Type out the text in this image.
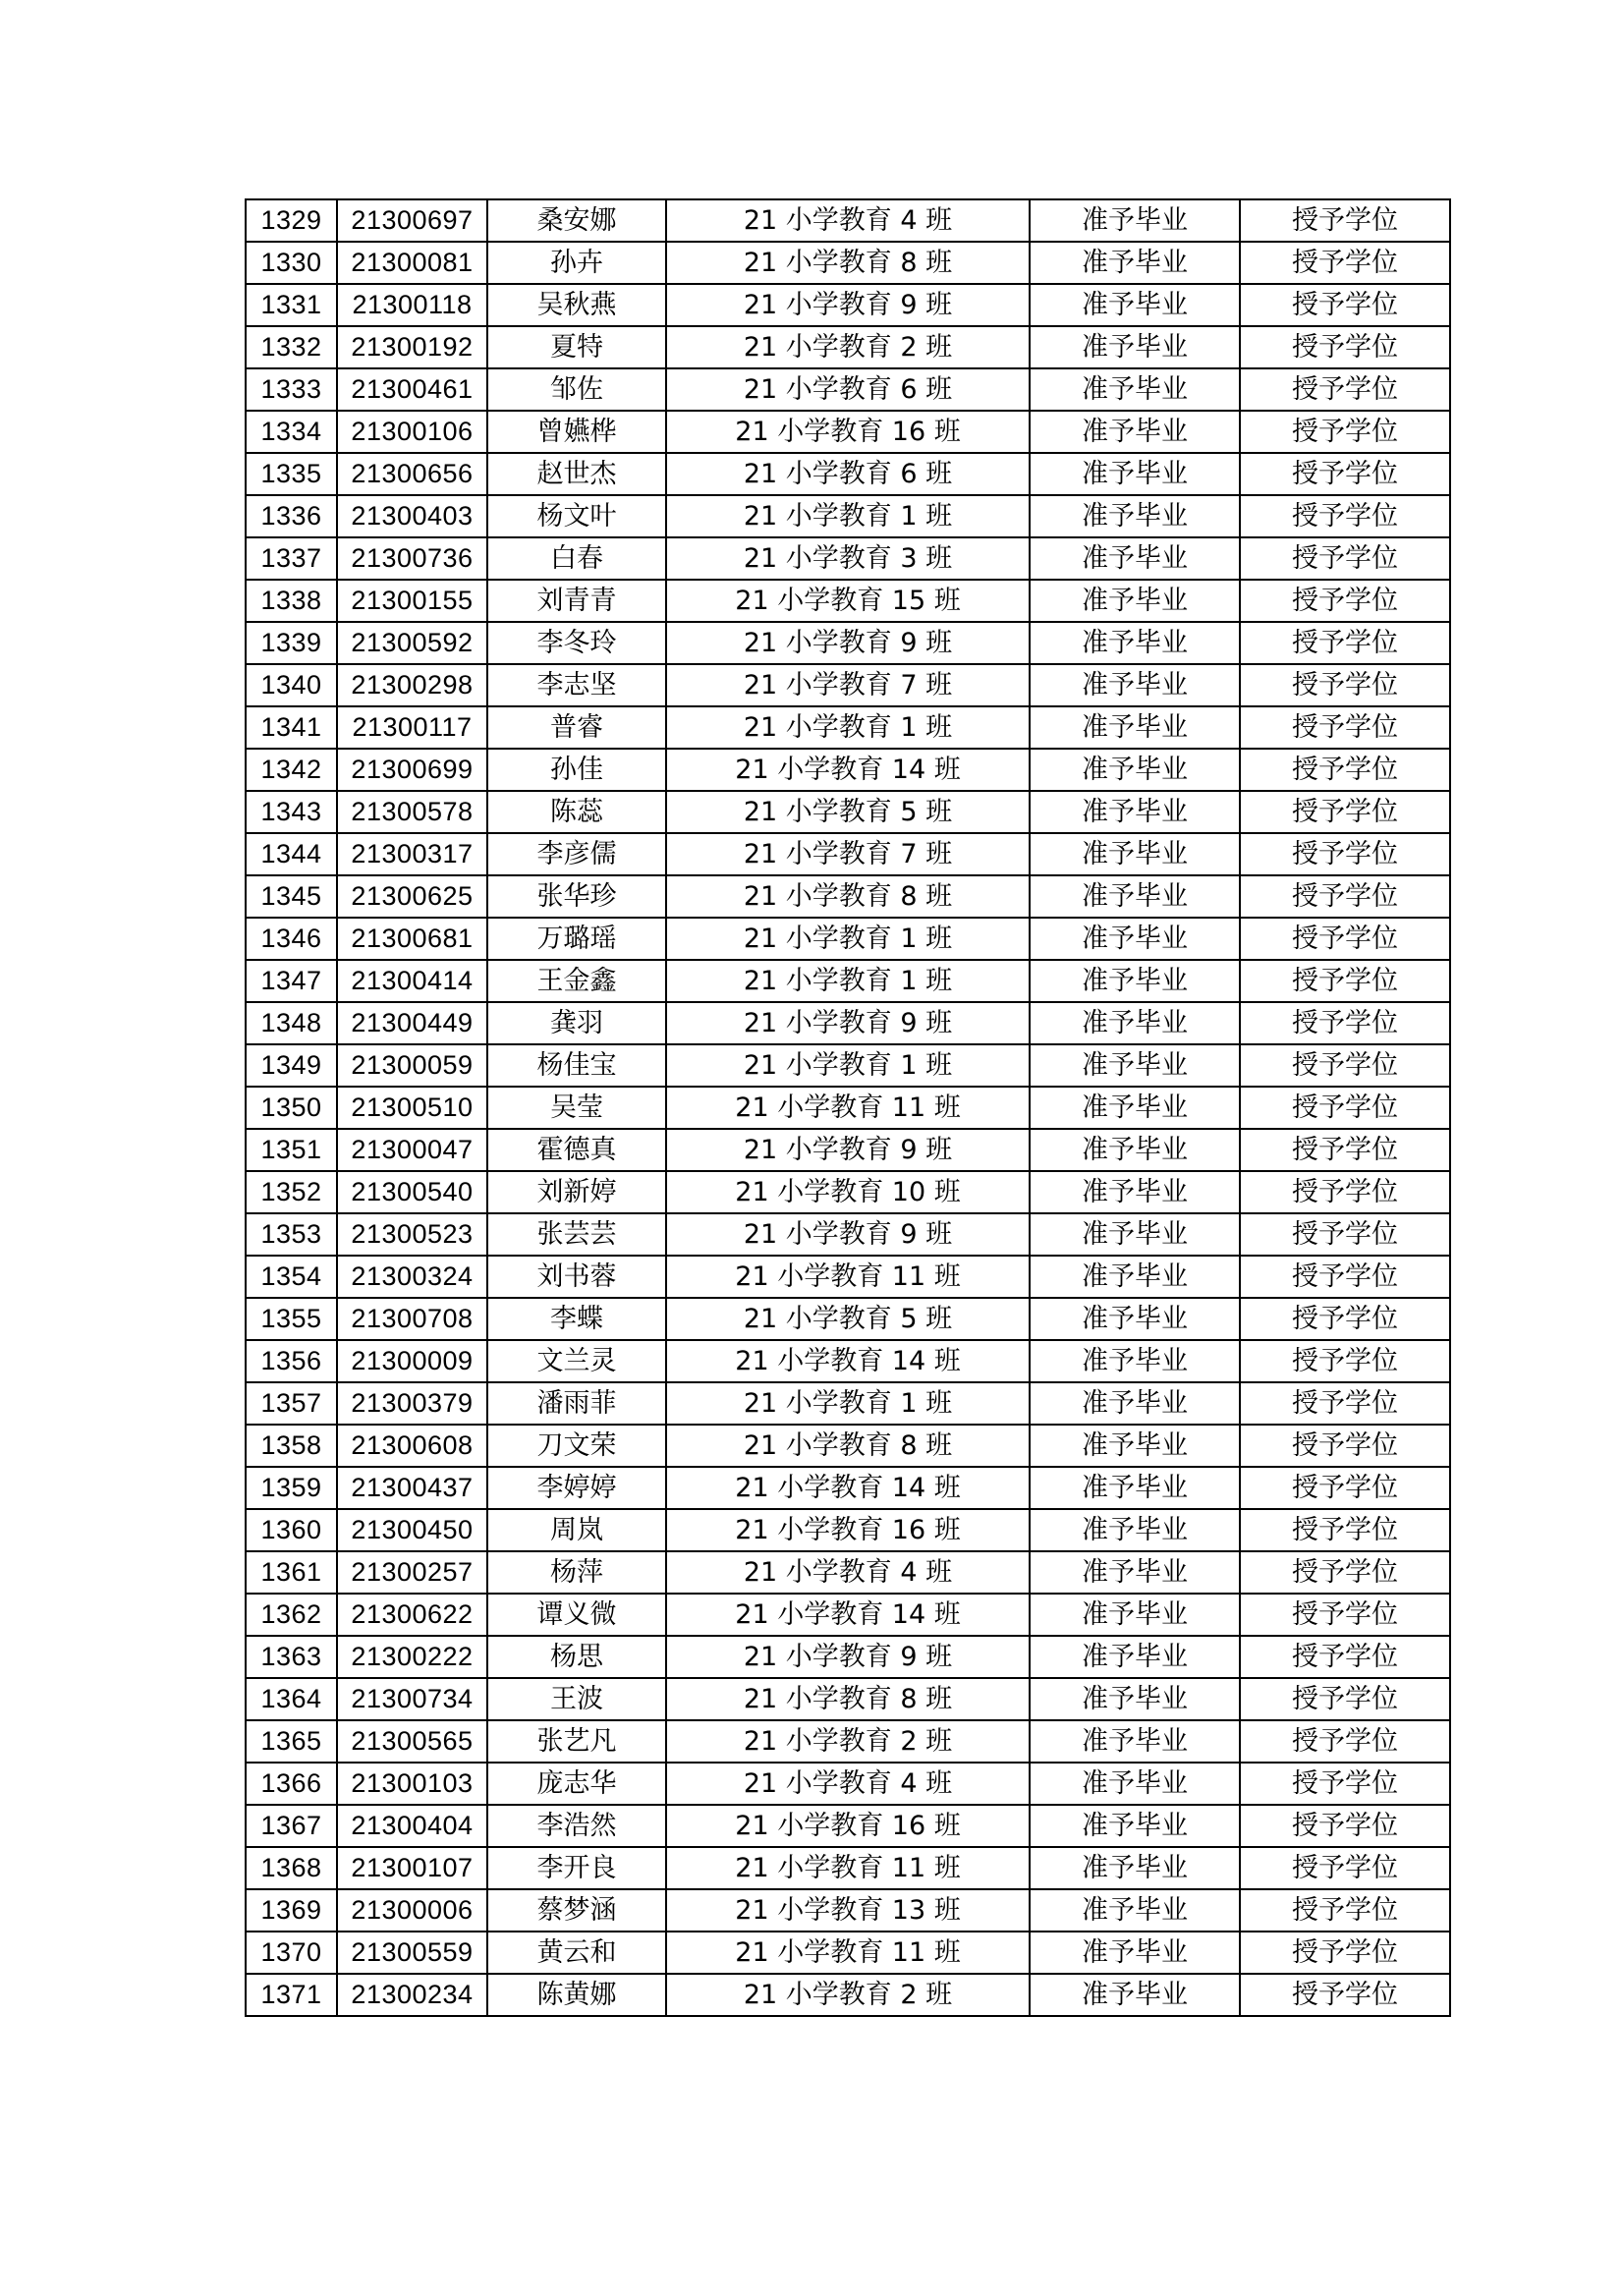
1329	21300697	桑安娜	21 小学教育 4 班	准予毕业	授予学位
1330	21300081	孙卉	21 小学教育 8 班	准予毕业	授予学位
1331	21300118	吴秋燕	21 小学教育 9 班	准予毕业	授予学位
1332	21300192	夏特	21 小学教育 2 班	准予毕业	授予学位
1333	21300461	邹佐	21 小学教育 6 班	准予毕业	授予学位
1334	21300106	曾嬿桦	21 小学教育 16 班	准予毕业	授予学位
1335	21300656	赵世杰	21 小学教育 6 班	准予毕业	授予学位
1336	21300403	杨文叶	21 小学教育 1 班	准予毕业	授予学位
1337	21300736	白春	21 小学教育 3 班	准予毕业	授予学位
1338	21300155	刘青青	21 小学教育 15 班	准予毕业	授予学位
1339	21300592	李冬玲	21 小学教育 9 班	准予毕业	授予学位
1340	21300298	李志坚	21 小学教育 7 班	准予毕业	授予学位
1341	21300117	普睿	21 小学教育 1 班	准予毕业	授予学位
1342	21300699	孙佳	21 小学教育 14 班	准予毕业	授予学位
1343	21300578	陈蕊	21 小学教育 5 班	准予毕业	授予学位
1344	21300317	李彦儒	21 小学教育 7 班	准予毕业	授予学位
1345	21300625	张华珍	21 小学教育 8 班	准予毕业	授予学位
1346	21300681	万璐瑶	21 小学教育 1 班	准予毕业	授予学位
1347	21300414	王金鑫	21 小学教育 1 班	准予毕业	授予学位
1348	21300449	龚羽	21 小学教育 9 班	准予毕业	授予学位
1349	21300059	杨佳宝	21 小学教育 1 班	准予毕业	授予学位
1350	21300510	吴莹	21 小学教育 11 班	准予毕业	授予学位
1351	21300047	霍德真	21 小学教育 9 班	准予毕业	授予学位
1352	21300540	刘新婷	21 小学教育 10 班	准予毕业	授予学位
1353	21300523	张芸芸	21 小学教育 9 班	准予毕业	授予学位
1354	21300324	刘书蓉	21 小学教育 11 班	准予毕业	授予学位
1355	21300708	李蝶	21 小学教育 5 班	准予毕业	授予学位
1356	21300009	文兰灵	21 小学教育 14 班	准予毕业	授予学位
1357	21300379	潘雨菲	21 小学教育 1 班	准予毕业	授予学位
1358	21300608	刀文荣	21 小学教育 8 班	准予毕业	授予学位
1359	21300437	李婷婷	21 小学教育 14 班	准予毕业	授予学位
1360	21300450	周岚	21 小学教育 16 班	准予毕业	授予学位
1361	21300257	杨萍	21 小学教育 4 班	准予毕业	授予学位
1362	21300622	谭义微	21 小学教育 14 班	准予毕业	授予学位
1363	21300222	杨思	21 小学教育 9 班	准予毕业	授予学位
1364	21300734	王波	21 小学教育 8 班	准予毕业	授予学位
1365	21300565	张艺凡	21 小学教育 2 班	准予毕业	授予学位
1366	21300103	庞志华	21 小学教育 4 班	准予毕业	授予学位
1367	21300404	李浩然	21 小学教育 16 班	准予毕业	授予学位
1368	21300107	李开良	21 小学教育 11 班	准予毕业	授予学位
1369	21300006	蔡梦涵	21 小学教育 13 班	准予毕业	授予学位
1370	21300559	黄云和	21 小学教育 11 班	准予毕业	授予学位
1371	21300234	陈黄娜	21 小学教育 2 班	准予毕业	授予学位
